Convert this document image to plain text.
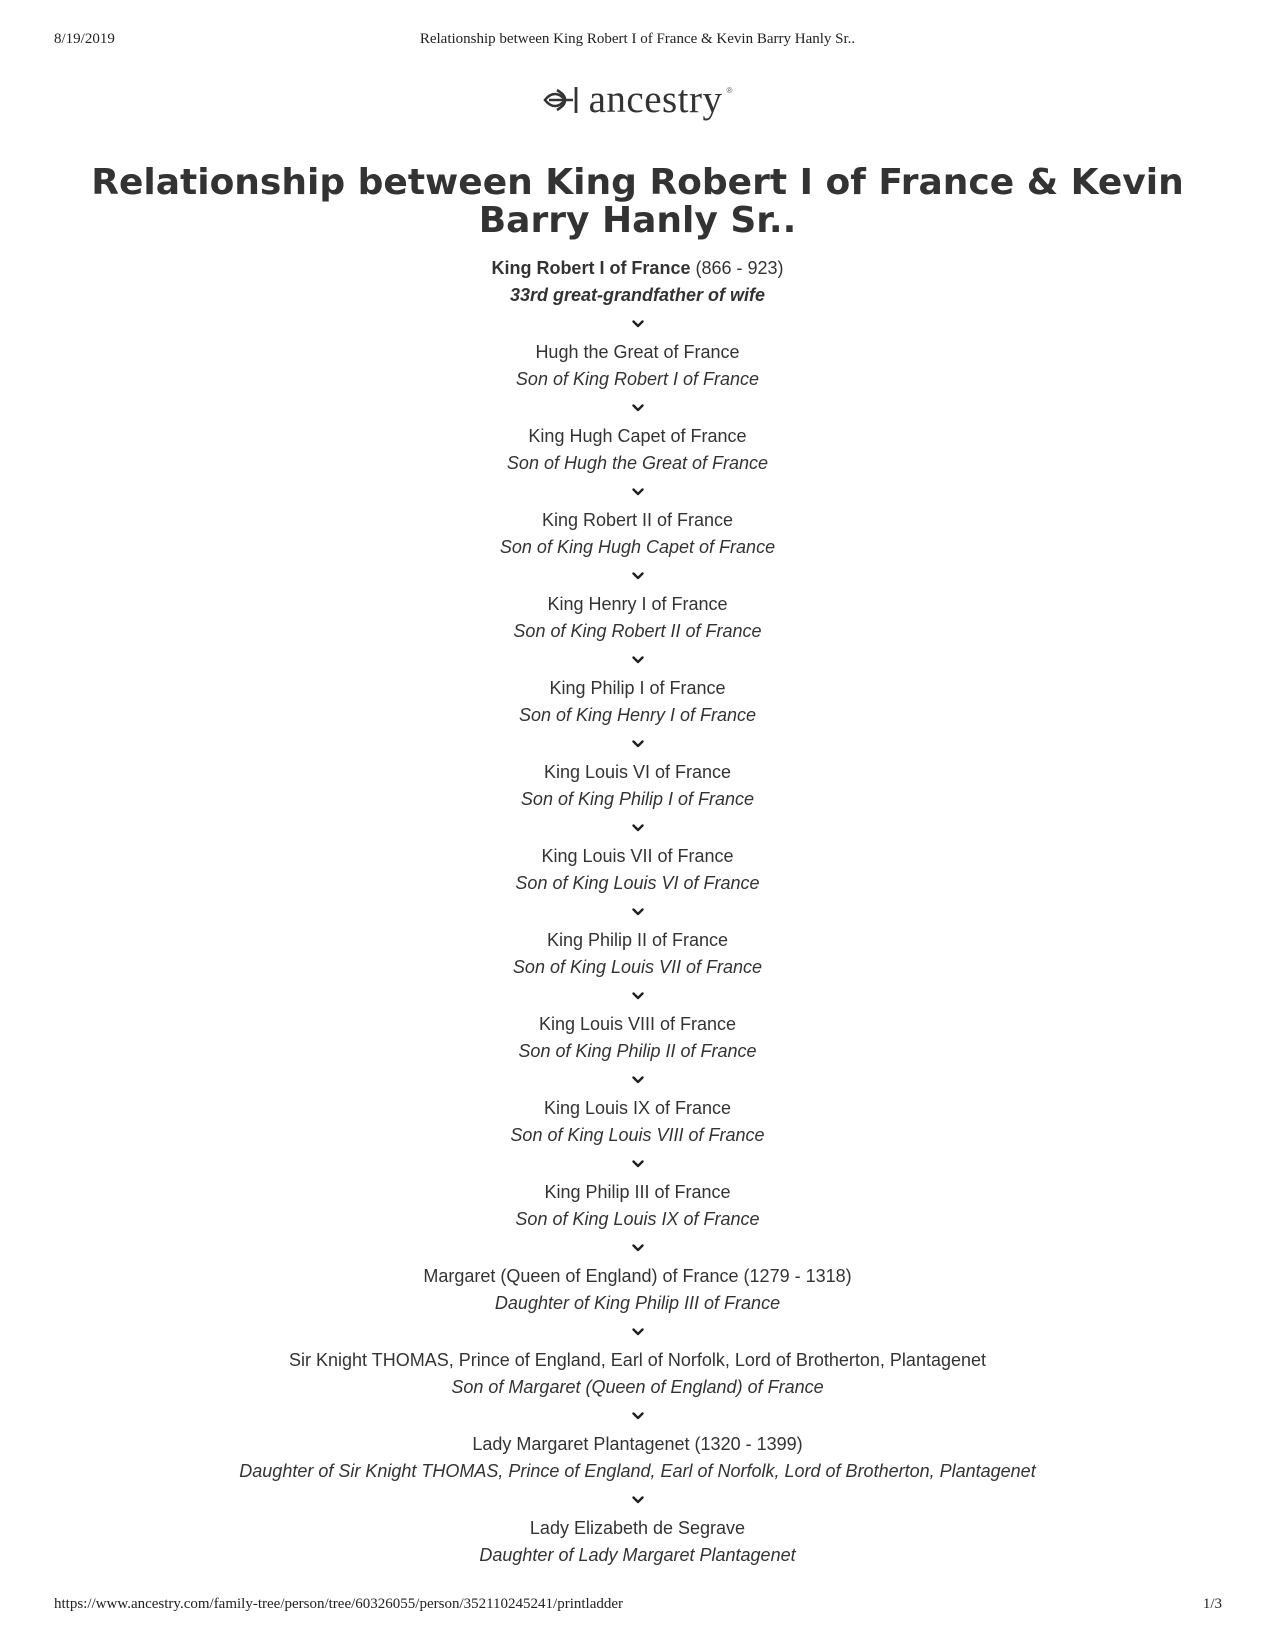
8/19/2019	Relationship between King Robert I of France & Kevin Barry Hanly Sr..
ancestry ®
Relationship between King Robert I of France & Kevin Barry Hanly Sr..
King Robert I of France (866 - 923)
33rd great-grandfather of wife
Hugh the Great of France
Son of King Robert I of France
King Hugh Capet of France
Son of Hugh the Great of France
King Robert II of France
Son of King Hugh Capet of France
King Henry I of France
Son of King Robert II of France
King Philip I of France
Son of King Henry I of France
King Louis VI of France
Son of King Philip I of France
King Louis VII of France
Son of King Louis VI of France
King Philip II of France
Son of King Louis VII of France
King Louis VIII of France
Son of King Philip II of France
King Louis IX of France
Son of King Louis VIII of France
King Philip III of France
Son of King Louis IX of France
Margaret (Queen of England) of France (1279 - 1318)
Daughter of King Philip III of France
Sir Knight THOMAS, Prince of England, Earl of Norfolk, Lord of Brotherton, Plantagenet
Son of Margaret (Queen of England) of France
Lady Margaret Plantagenet (1320 - 1399)
Daughter of Sir Knight THOMAS, Prince of England, Earl of Norfolk, Lord of Brotherton, Plantagenet
Lady Elizabeth de Segrave
Daughter of Lady Margaret Plantagenet
https://www.ancestry.com/family-tree/person/tree/60326055/person/352110245241/printladder	1/3
